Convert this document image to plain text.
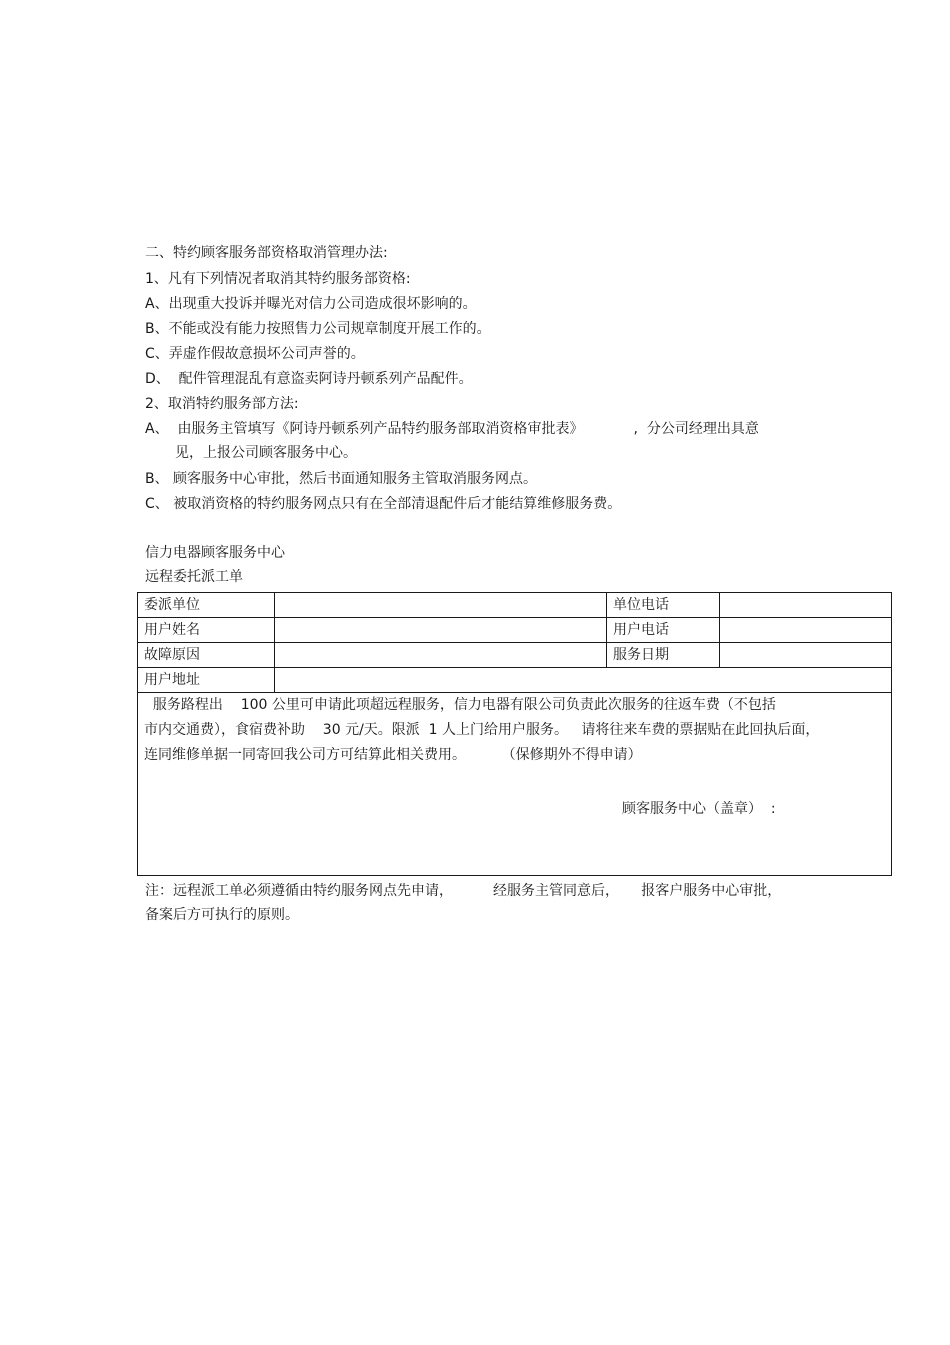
二、特约顾客服务部资格取消管理办法:
1、凡有下列情况者取消其特约服务部资格:
A、出现重大投诉并曝光对信力公司造成很坏影响的。
B、不能或没有能力按照售力公司规章制度开展工作的。
C、弄虚作假故意损坏公司声誉的。
D、  配件管理混乱有意盗卖阿诗丹顿系列产品配件。
2、取消特约服务部方法:
A、  由服务主管填写《阿诗丹顿系列产品特约服务部取消资格审批表》	,  分公司经理出具意
见，上报公司顾客服务中心。
B、 顾客服务中心审批，然后书面通知服务主管取消服务网点。
C、 被取消资格的特约服务网点只有在全部清退配件后才能结算维修服务费。
信力电器顾客服务中心
远程委托派工单
委派单位		单位电话	
用户姓名		用户电话	
故障原因		服务日期	
用户地址			

服务路程出    100 公里可申请此项超远程服务，信力电器有限公司负责此次服务的往返车费（不包括
市内交通费），食宿费补助    30 元/天。限派  1 人上门给用户服务。   请将往来车费的票据贴在此回执后面，
连同维修单据一同寄回我公司方可结算此相关费用。        （保修期外不得申请）
顾客服务中心（盖章）  :			
注：远程派工单必须遵循由特约服务网点先申请，         经服务主管同意后，     报客户服务中心审批，
备案后方可执行的原则。
